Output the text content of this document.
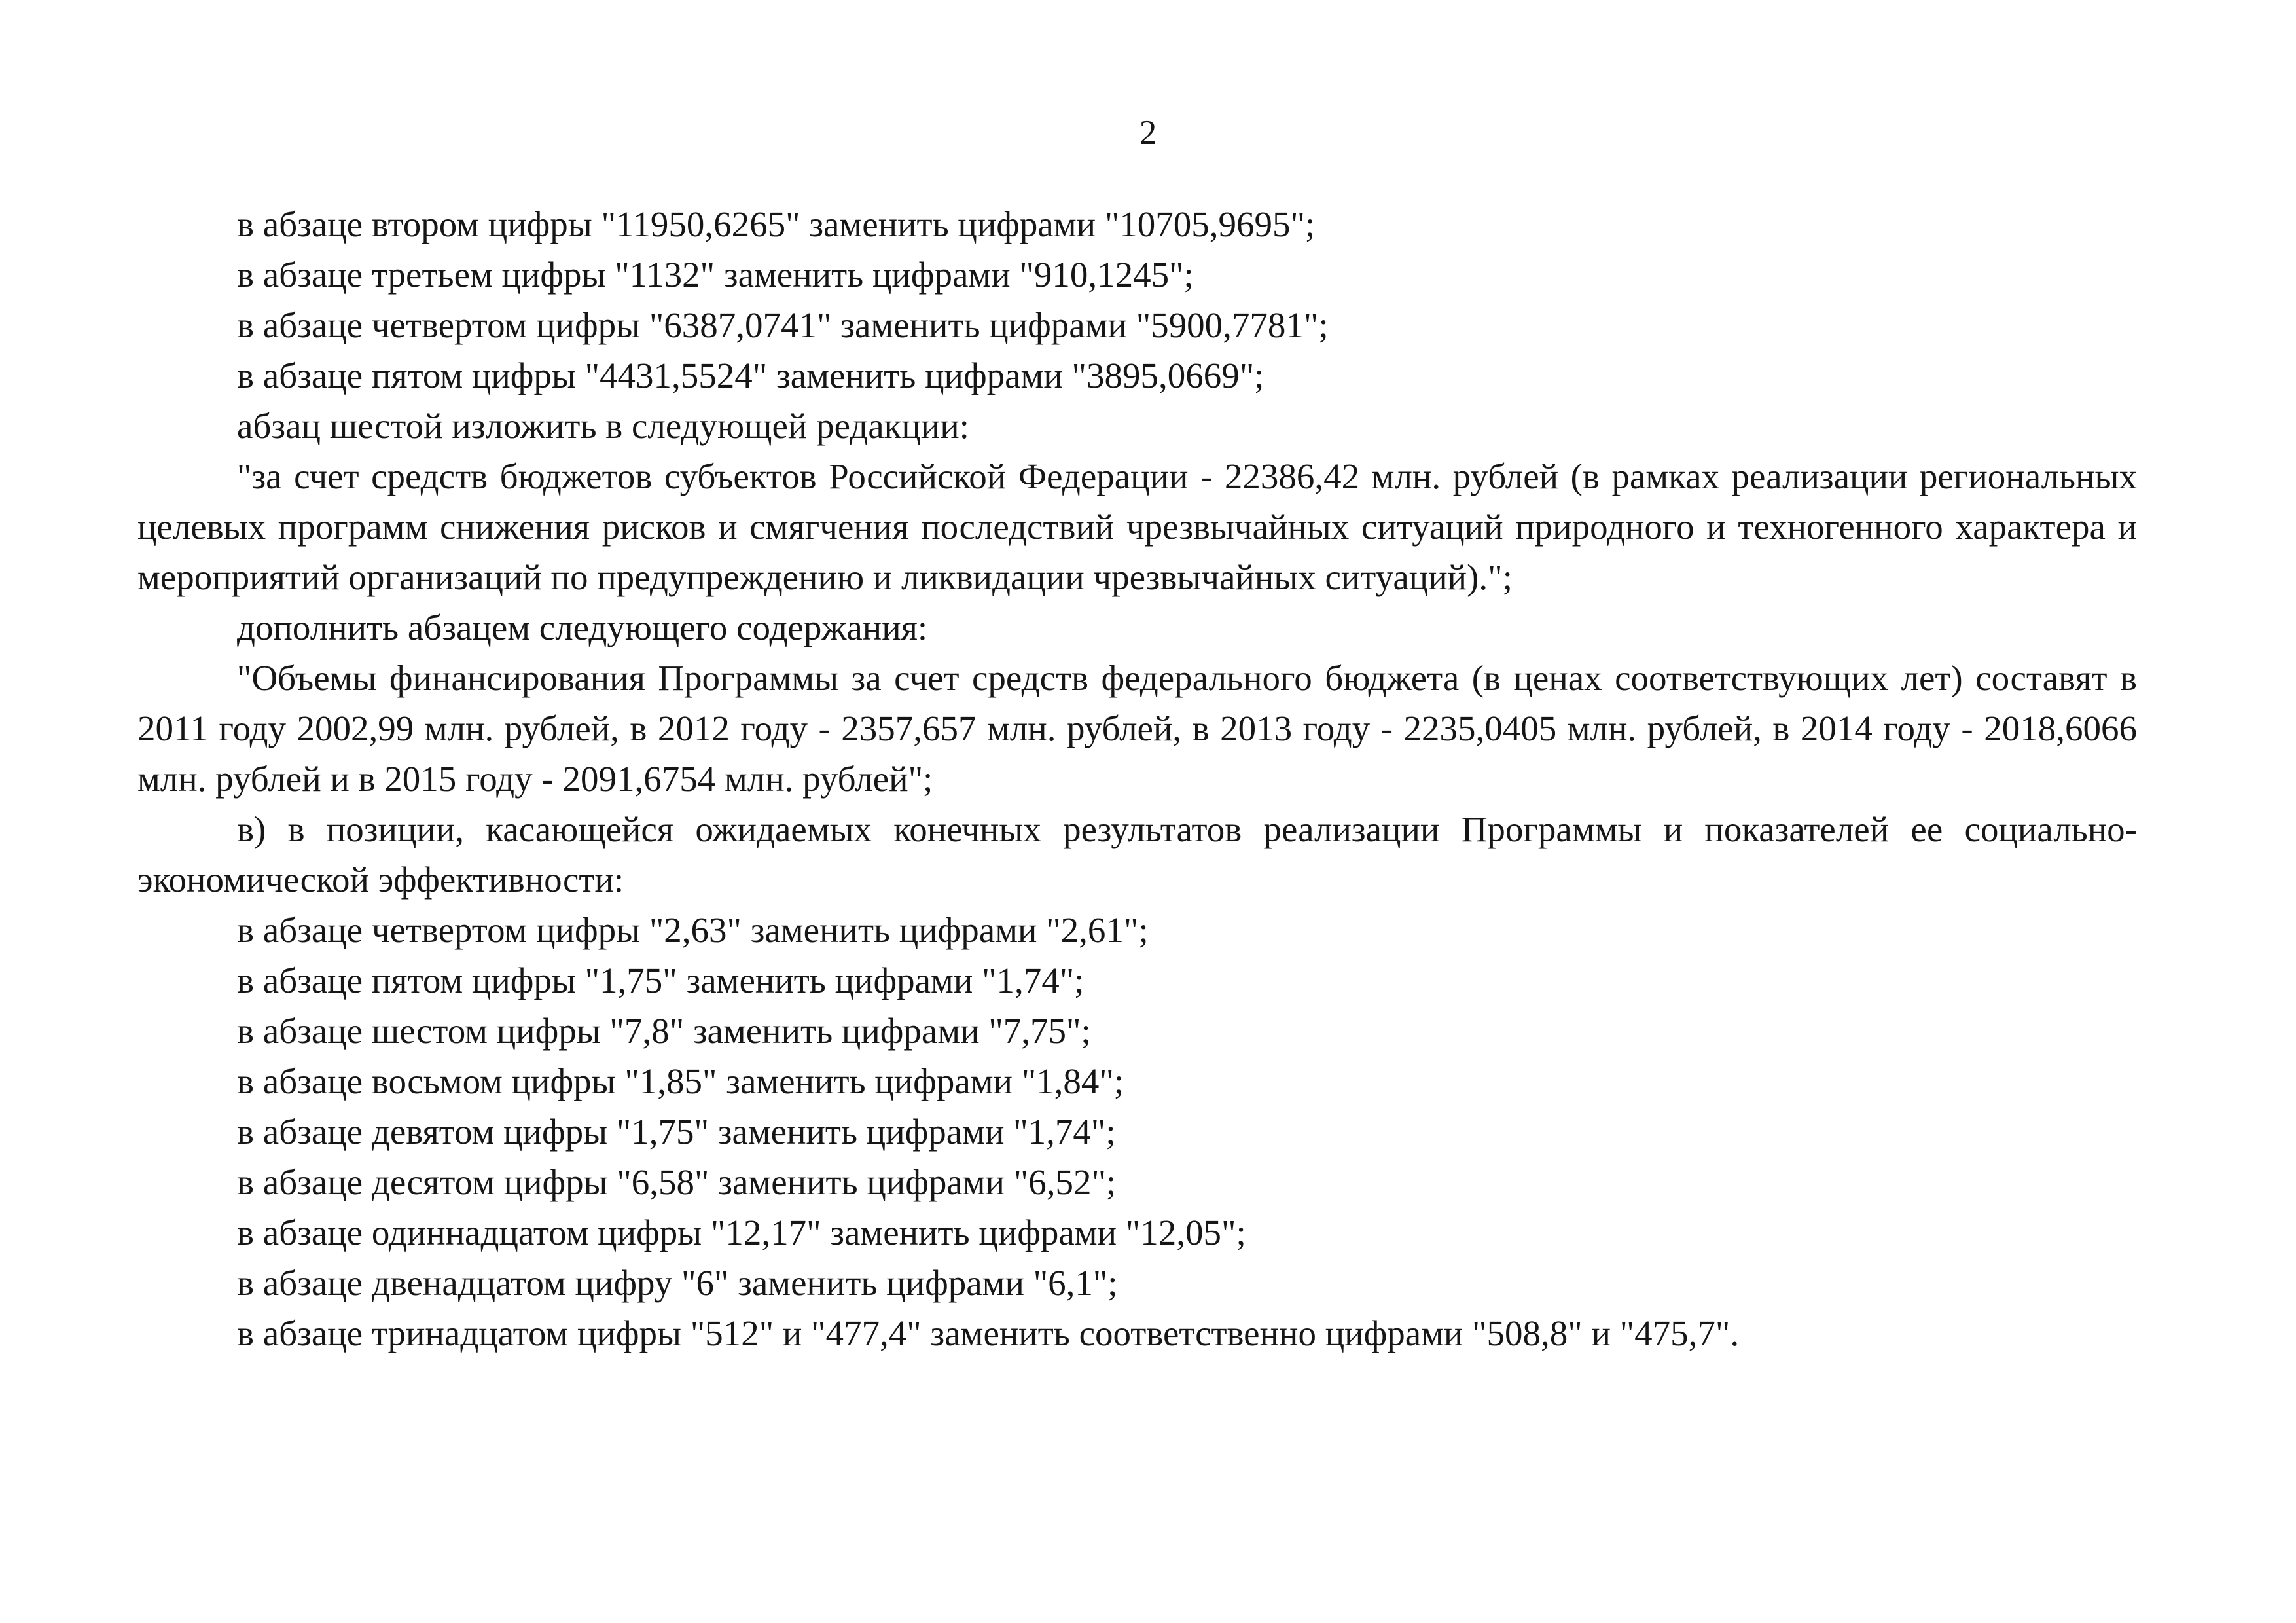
2

в абзаце втором цифры "11950,6265" заменить цифрами "10705,9695";

в абзаце третьем цифры "1132" заменить цифрами "910,1245";

в абзаце четвертом цифры "6387,0741" заменить цифрами "5900,7781";

в абзаце пятом цифры "4431,5524" заменить цифрами "3895,0669";

абзац шестой изложить в следующей редакции:

"за счет средств бюджетов субъектов Российской Федерации - 22386,42 млн. рублей (в рамках реализации региональных целевых программ снижения рисков и смягчения последствий чрезвычайных ситуаций природного и техногенного характера и мероприятий организаций по предупреждению и ликвидации чрезвычайных ситуаций).";

дополнить абзацем следующего содержания:

"Объемы финансирования Программы за счет средств федерального бюджета (в ценах соответствующих лет) составят в 2011 году 2002,99 млн. рублей, в 2012 году - 2357,657 млн. рублей, в 2013 году - 2235,0405 млн. рублей, в 2014 году - 2018,6066 млн. рублей и в 2015 году - 2091,6754 млн. рублей";

в) в позиции, касающейся ожидаемых конечных результатов реализации Программы и показателей ее социально-экономической эффективности:

в абзаце четвертом цифры "2,63" заменить цифрами "2,61";

в абзаце пятом цифры "1,75" заменить цифрами "1,74";

в абзаце шестом цифры "7,8" заменить цифрами "7,75";

в абзаце восьмом цифры "1,85" заменить цифрами "1,84";

в абзаце девятом цифры "1,75" заменить цифрами "1,74";

в абзаце десятом цифры "6,58" заменить цифрами "6,52";

в абзаце одиннадцатом цифры "12,17" заменить цифрами "12,05";

в абзаце двенадцатом цифру "6" заменить цифрами "6,1";

в абзаце тринадцатом цифры "512" и "477,4" заменить соответственно цифрами "508,8" и "475,7".
